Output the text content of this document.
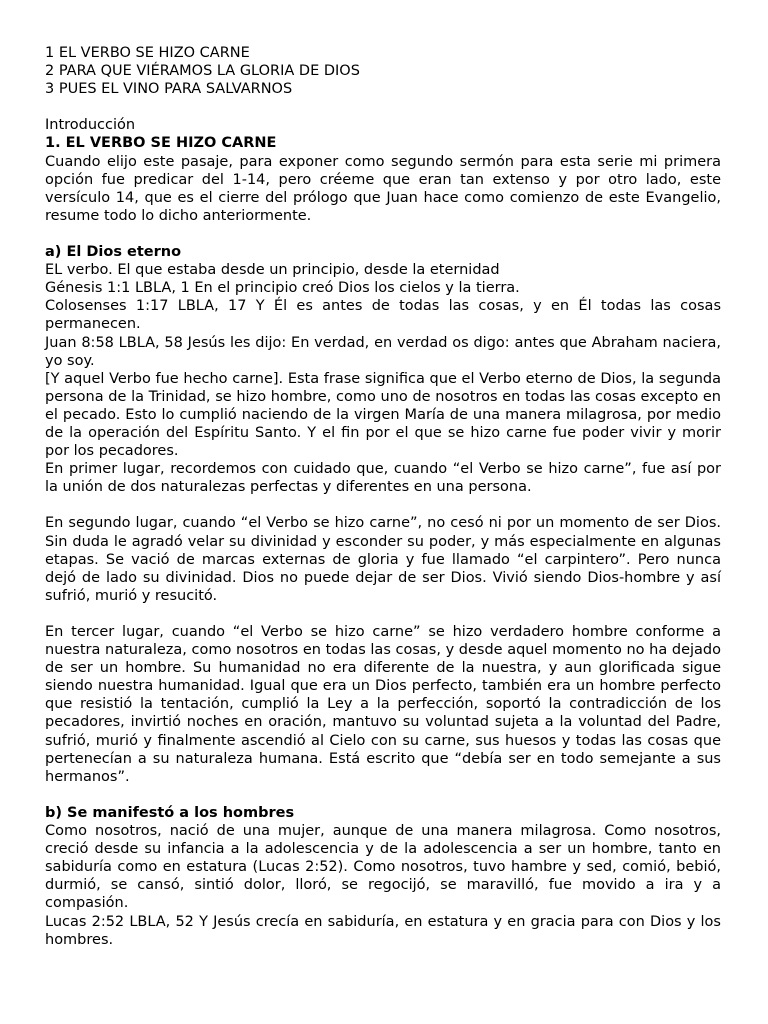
1 EL VERBO SE HIZO CARNE
2 PARA QUE VIÉRAMOS LA GLORIA DE DIOS
3 PUES EL VINO PARA SALVARNOS
Introducción
1. EL VERBO SE HIZO CARNE
Cuando elijo este pasaje, para exponer como segundo sermón para esta serie mi primera opción fue predicar del 1-14, pero créeme que eran tan extenso y por otro lado, este versículo 14, que es el cierre del prólogo que Juan hace como comienzo de este Evangelio, resume todo lo dicho anteriormente.
a) El Dios eterno
EL verbo. El que estaba desde un principio, desde la eternidad
Génesis 1:1 LBLA, 1 En el principio creó Dios los cielos y la tierra.
Colosenses 1:17 LBLA, 17 Y Él es antes de todas las cosas, y en Él todas las cosas permanecen.
Juan 8:58 LBLA, 58 Jesús les dijo: En verdad, en verdad os digo: antes que Abraham naciera, yo soy.
[Y aquel Verbo fue hecho carne]. Esta frase significa que el Verbo eterno de Dios, la segunda persona de la Trinidad, se hizo hombre, como uno de nosotros en todas las cosas excepto en el pecado. Esto lo cumplió naciendo de la virgen María de una manera milagrosa, por medio de la operación del Espíritu Santo. Y el fin por el que se hizo carne fue poder vivir y morir por los pecadores.
En primer lugar, recordemos con cuidado que, cuando “el Verbo se hizo carne”, fue así por la unión de dos naturalezas perfectas y diferentes en una persona.
En segundo lugar, cuando “el Verbo se hizo carne”, no cesó ni por un momento de ser Dios. Sin duda le agradó velar su divinidad y esconder su poder, y más especialmente en algunas etapas. Se vació de marcas externas de gloria y fue llamado “el carpintero”. Pero nunca dejó de lado su divinidad. Dios no puede dejar de ser Dios. Vivió siendo Dios-hombre y así sufrió, murió y resucitó.
En tercer lugar, cuando “el Verbo se hizo carne” se hizo verdadero hombre conforme a nuestra naturaleza, como nosotros en todas las cosas, y desde aquel momento no ha dejado de ser un hombre. Su humanidad no era diferente de la nuestra, y aun glorificada sigue siendo nuestra humanidad. Igual que era un Dios perfecto, también era un hombre perfecto que resistió la tentación, cumplió la Ley a la perfección, soportó la contradicción de los pecadores, invirtió noches en oración, mantuvo su voluntad sujeta a la voluntad del Padre, sufrió, murió y finalmente ascendió al Cielo con su carne, sus huesos y todas las cosas que pertenecían a su naturaleza humana. Está escrito que “debía ser en todo semejante a sus hermanos”.
b) Se manifestó a los hombres
Como nosotros, nació de una mujer, aunque de una manera milagrosa. Como nosotros, creció desde su infancia a la adolescencia y de la adolescencia a ser un hombre, tanto en sabiduría como en estatura (Lucas 2:52). Como nosotros, tuvo hambre y sed, comió, bebió, durmió, se cansó, sintió dolor, lloró, se regocijó, se maravilló, fue movido a ira y a compasión.
Lucas 2:52 LBLA, 52 Y Jesús crecía en sabiduría, en estatura y en gracia para con Dios y los hombres.
